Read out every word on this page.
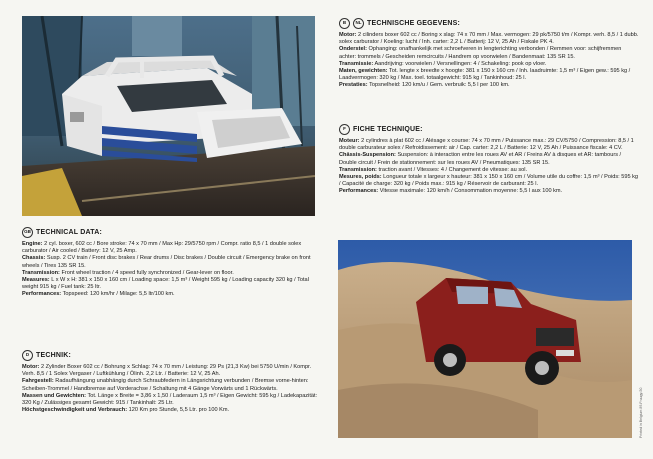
B	NL TECHNISCHE GEGEVENS:
Motor: 2 cilinders boxer 602 cc / Boring x slag: 74 x 70 mm / Max. vermogen: 29 pk/5750 t/m / Kompr. verh. 8,5 / 1 dubb. solex carburator / Koeling: lucht / Inh. carter: 2,2 L / Batterij: 12 V, 25 Ah / Fiskale PK 4.
Onderstel: Ophanging: onafhankelijk met schroefveren in lengterichting verbonden / Remmen voor: schijfremmen achter: trommels / Gescheiden remcircuits / Handrem op voorwielen / Bandenmaat: 135 SR 15.
Transmissie: Aandrijving: voorwielen / Versnellingen: 4 / Schakeling: pook op vloer.
Maten, gewichten: Tot. lengte x breedte x hoogte: 381 x 150 x 160 cm / Inh. laadruimte: 1,5 m³ / Eigen gew.: 595 kg / Laadvermogen: 320 kg / Max. toel. totaalgewicht: 915 kg / Tankinhoud: 25 l.
Prestaties: Topsnelheid: 120 km/u / Gem. verbruik: 5,5 l per 100 km.
F	FICHE TECHNIQUE:
Moteur: 2 cylindres à plat 602 cc / Alésage x course: 74 x 70 mm / Puissance max.: 29 CV/5750 / Compression: 8,5 / 1 double carburateur solex / Refroidissement: air / Cap. carter: 2,2 L / Batterie: 12 V, 25 Ah / Puissance fiscale: 4 CV.
Châssis-Suspension: Suspension: à interaction entre les roues AV et AR / Freins AV à disques et AR: tambours / Double circuit / Frein de stationnement: sur les roues AV / Pneumatiques: 135 SR 15.
Transmission: traction avant / Vitesses: 4 / Changement de vitesse: au sol.
Mesures, poids: Longueur totale x largeur x hauteur: 381 x 150 x 160 cm / Volume utile du coffre: 1,5 m³ / Poids: 595 kg / Capacité de charge: 320 kg / Poids max.: 915 kg / Réservoir de carburant: 25 l.
Performances: Vitesse maximale: 120 km/h / Consommation moyenne: 5,5 l aux 100 km.
GB TECHNICAL DATA:
Engine: 2 cyl. boxer, 602 cc / Bore stroke: 74 x 70 mm / Max Hp: 29/5750 rpm / Compr. ratio 8,5 / 1 double solex carburator / Air cooled / Battery: 12 V, 25 Amp.
Chassis: Susp. 2 CV train / Front disc brakes / Rear drums / Disc brakes / Double circuit / Emergency brake on front wheels / Tires 135 SR 15.
Transmission: Front wheel traction / 4 speed fully synchronized / Gear-lever on floor.
Measures: L x W x H: 381 x 150 x 160 cm / Loading space: 1,5 m³ / Weight 595 kg / Loading capacity 320 kg / Total weight 915 kg / Fuel tank: 25 ltr.
Performances: Topspeed: 120 km/hr / Milage: 5,5 ltr/100 km.
D TECHNIK:
Motor: 2 Zylinder Boxer 602 cc / Bohrung x Schlag: 74 x 70 mm / Leistung: 29 Ps (21,3 Kw) bei 5750 U/min / Kompr. Verh. 8,5 / 1 Solex Vergaser / Luftkühlung / Ölinh. 2,2 Ltr. / Batterie: 12 V, 25 Ah.
Fahrgestell: Radaufhängung unabhängig durch Schraubfedern in Längsrichtung verbunden / Bremse vorne-hinten: Scheiben-Trommel / Handbremse auf Vorderachse / Schaltung mit 4 Gänge Vorwärts und 1 Rückwärts.
Massen und Gewichten: Tot. Länge x Breite = 3,86 x 1,50 / Laderaum 1,5 m³ / Eigen Gewicht: 595 kg / Ladekapazität: 320 Kg / Zulässiges gesamt Gewicht: 915 / Tankinhalt: 25 Ltr.
Höchstgeschwindigkeit und Verbrauch: 120 Km pro Stunde, 5,5 Ltr. pro 100 Km.	Printed in Belgium 89-Fruugy-50
